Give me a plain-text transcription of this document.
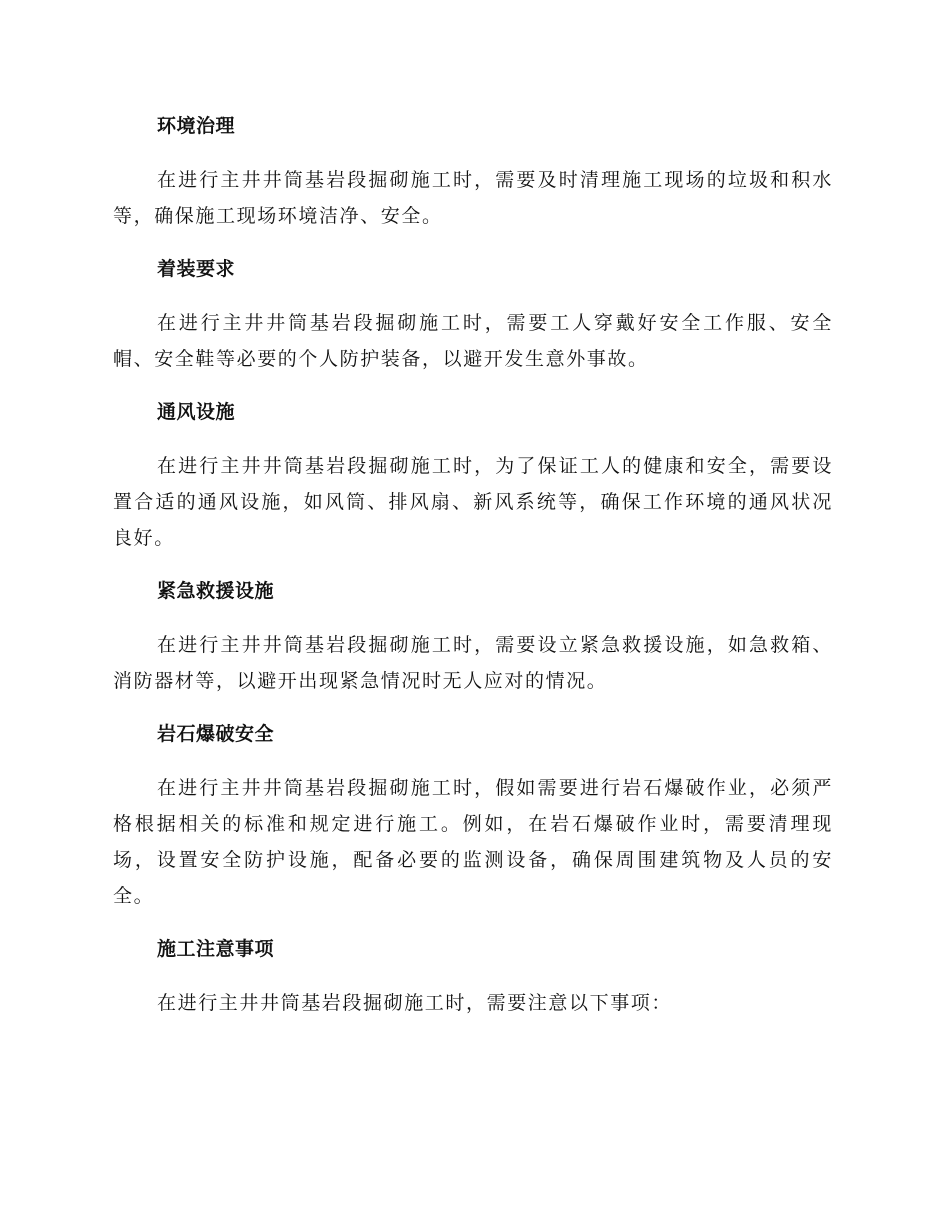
环境治理

在进行主井井筒基岩段掘砌施工时，需要及时清理施工现场的垃圾和积水等，确保施工现场环境洁净、安全。

着装要求

在进行主井井筒基岩段掘砌施工时，需要工人穿戴好安全工作服、安全帽、安全鞋等必要的个人防护装备，以避开发生意外事故。

通风设施

在进行主井井筒基岩段掘砌施工时，为了保证工人的健康和安全，需要设置合适的通风设施，如风筒、排风扇、新风系统等，确保工作环境的通风状况良好。

紧急救援设施

在进行主井井筒基岩段掘砌施工时，需要设立紧急救援设施，如急救箱、消防器材等，以避开出现紧急情况时无人应对的情况。

岩石爆破安全

在进行主井井筒基岩段掘砌施工时，假如需要进行岩石爆破作业，必须严格根据相关的标准和规定进行施工。例如，在岩石爆破作业时，需要清理现场，设置安全防护设施，配备必要的监测设备，确保周围建筑物及人员的安全。

施工注意事项

在进行主井井筒基岩段掘砌施工时，需要注意以下事项：
